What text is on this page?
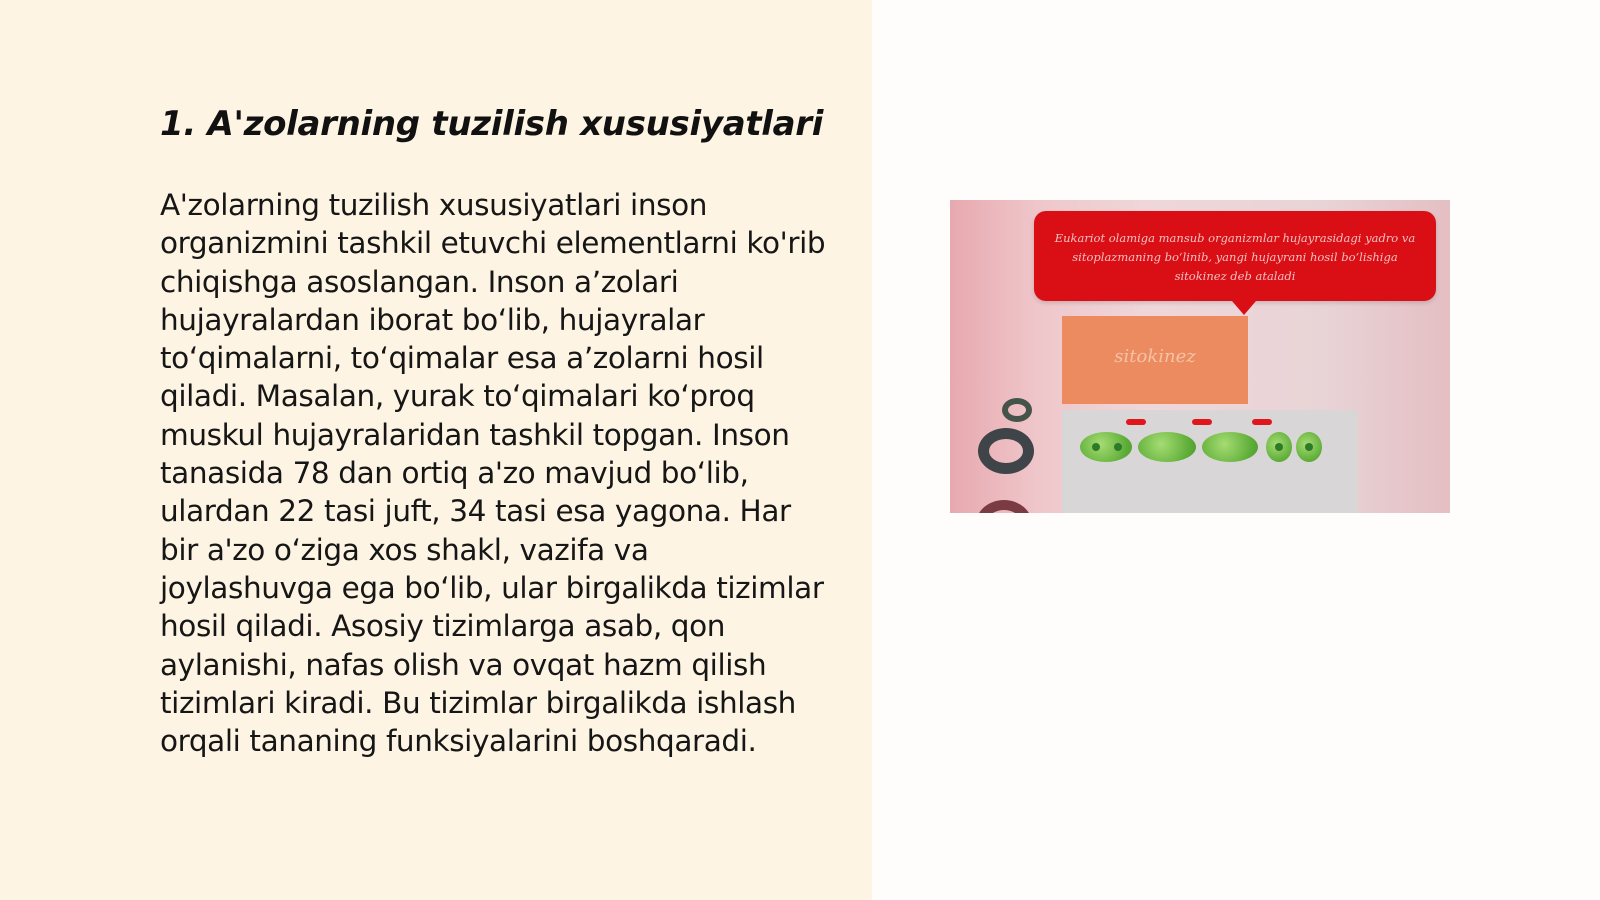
1. A'zolarning tuzilish xususiyatlari

A'zolarning tuzilish xususiyatlari inson organizmini tashkil etuvchi elementlarni ko'rib chiqishga asoslangan. Inson a’zolari hujayralardan iborat bo‘lib, hujayralar to‘qimalarni, to‘qimalar esa a’zolarni hosil qiladi. Masalan, yurak to‘qimalari ko‘proq muskul hujayralaridan tashkil topgan. Inson tanasida 78 dan ortiq a'zo mavjud bo‘lib, ulardan 22 tasi juft, 34 tasi esa yagona. Har bir a'zo o‘ziga xos shakl, vazifa va joylashuvga ega bo‘lib, ular birgalikda tizimlar hosil qiladi. Asosiy tizimlarga asab, qon aylanishi, nafas olish va ovqat hazm qilish tizimlari kiradi. Bu tizimlar birgalikda ishlash orqali tananing funksiyalarini boshqaradi.

Eukariot olamiga mansub organizmlar hujayrasidagi yadro va sitoplazmaning bo‘linib, yangi hujayrani hosil bo‘lishiga sitokinez deb ataladi
sitokinez
